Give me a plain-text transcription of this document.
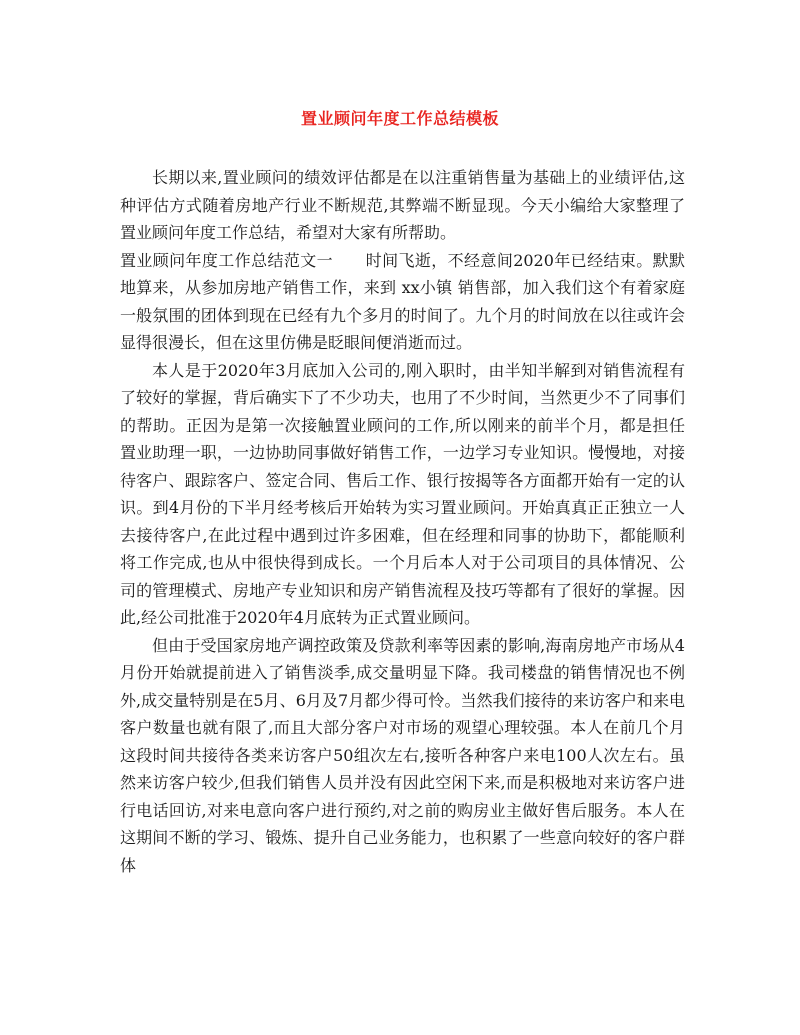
置业顾问年度工作总结模板

长期以来,置业顾问的绩效评估都是在以注重销售量为基础上的业绩评估,这种评估方式随着房地产行业不断规范,其弊端不断显现。今天小编给大家整理了置业顾问年度工作总结，希望对大家有所帮助。

置业顾问年度工作总结范文一　　时间飞逝，不经意间2020年已经结束。默默地算来，从参加房地产销售工作，来到 xx小镇 销售部，加入我们这个有着家庭一般氛围的团体到现在已经有九个多月的时间了。九个月的时间放在以往或许会显得很漫长，但在这里仿佛是眨眼间便消逝而过。

本人是于2020年3月底加入公司的,刚入职时，由半知半解到对销售流程有了较好的掌握，背后确实下了不少功夫，也用了不少时间，当然更少不了同事们的帮助。正因为是第一次接触置业顾问的工作,所以刚来的前半个月，都是担任置业助理一职，一边协助同事做好销售工作，一边学习专业知识。慢慢地，对接待客户、跟踪客户、签定合同、售后工作、银行按揭等各方面都开始有一定的认识。到4月份的下半月经考核后开始转为实习置业顾问。开始真真正正独立一人去接待客户,在此过程中遇到过许多困难，但在经理和同事的协助下，都能顺利将工作完成,也从中很快得到成长。一个月后本人对于公司项目的具体情况、公司的管理模式、房地产专业知识和房产销售流程及技巧等都有了很好的掌握。因此,经公司批准于2020年4月底转为正式置业顾问。

但由于受国家房地产调控政策及贷款利率等因素的影响,海南房地产市场从4月份开始就提前进入了销售淡季,成交量明显下降。我司楼盘的销售情况也不例外,成交量特别是在5月、6月及7月都少得可怜。当然我们接待的来访客户和来电客户数量也就有限了,而且大部分客户对市场的观望心理较强。本人在前几个月这段时间共接待各类来访客户50组次左右,接听各种客户来电100人次左右。虽然来访客户较少,但我们销售人员并没有因此空闲下来,而是积极地对来访客户进行电话回访,对来电意向客户进行预约,对之前的购房业主做好售后服务。本人在这期间不断的学习、锻炼、提升自己业务能力，也积累了一些意向较好的客户群体
